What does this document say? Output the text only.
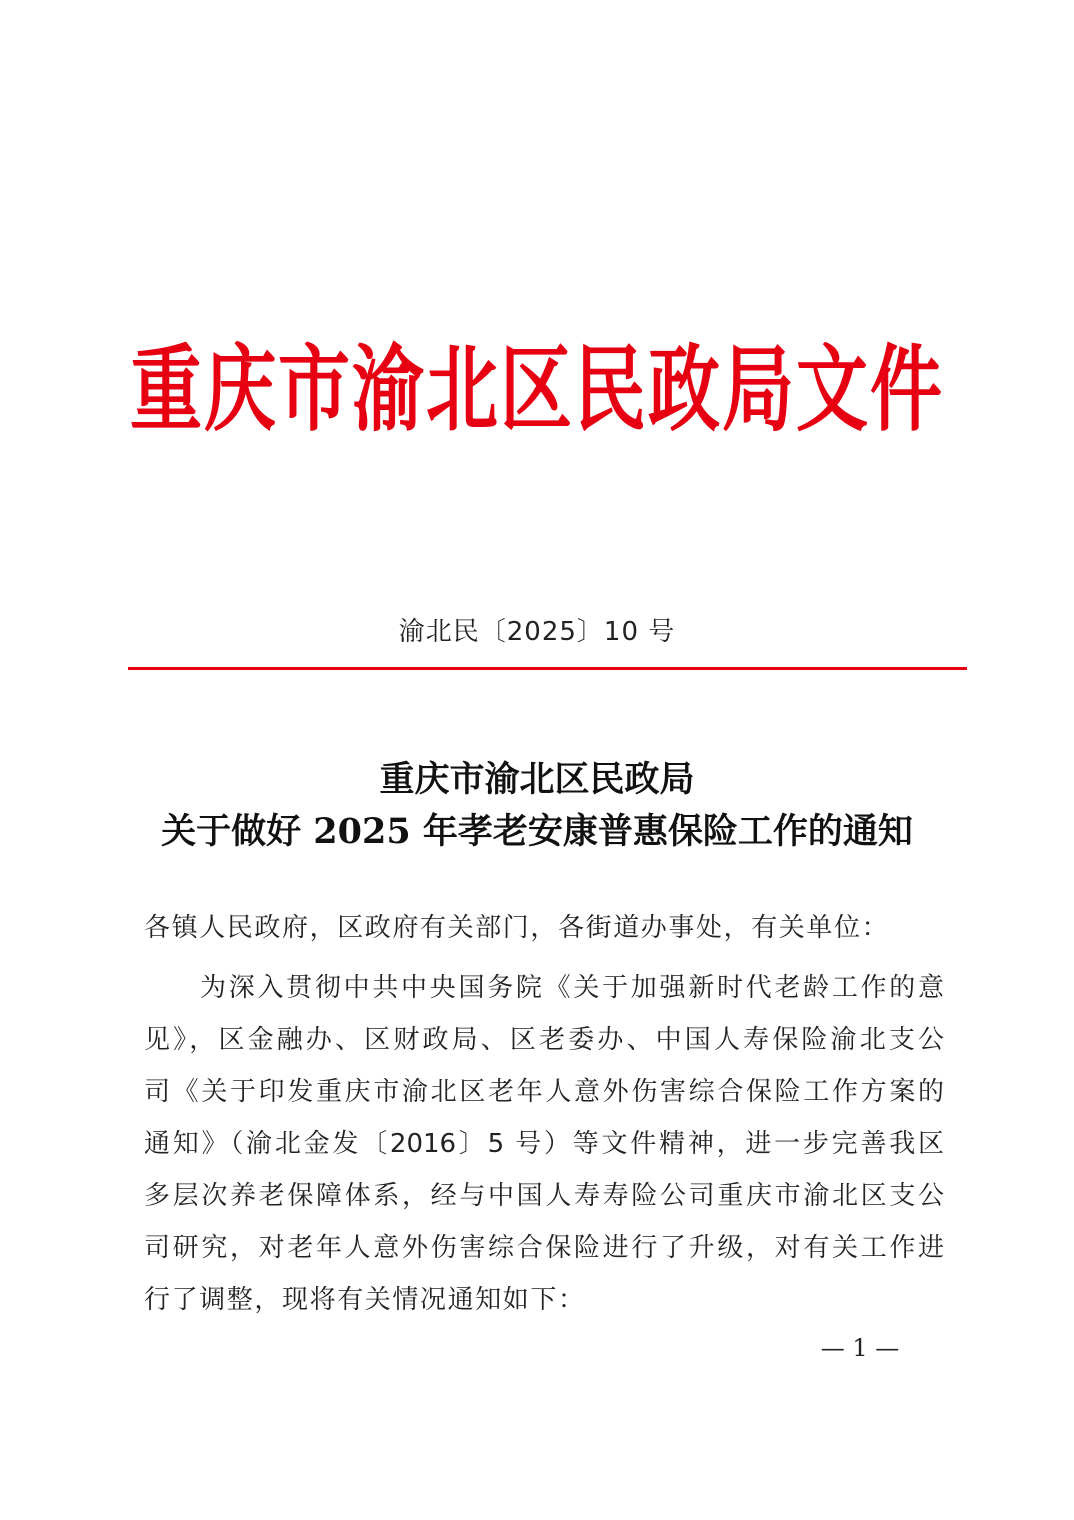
重庆市渝北区民政局文件
渝北民〔2025〕10 号
重庆市渝北区民政局
关于做好 2025 年孝老安康普惠保险工作的通知
各镇人民政府，区政府有关部门，各街道办事处，有关单位：
为深入贯彻中共中央国务院《关于加强新时代老龄工作的意
见》，区金融办、区财政局、区老委办、中国人寿保险渝北支公
司《关于印发重庆市渝北区老年人意外伤害综合保险工作方案的
通知》（渝北金发〔2016〕5 号）等文件精神，进一步完善我区
多层次养老保障体系，经与中国人寿寿险公司重庆市渝北区支公
司研究，对老年人意外伤害综合保险进行了升级，对有关工作进
行了调整，现将有关情况通知如下：
— 1 —
